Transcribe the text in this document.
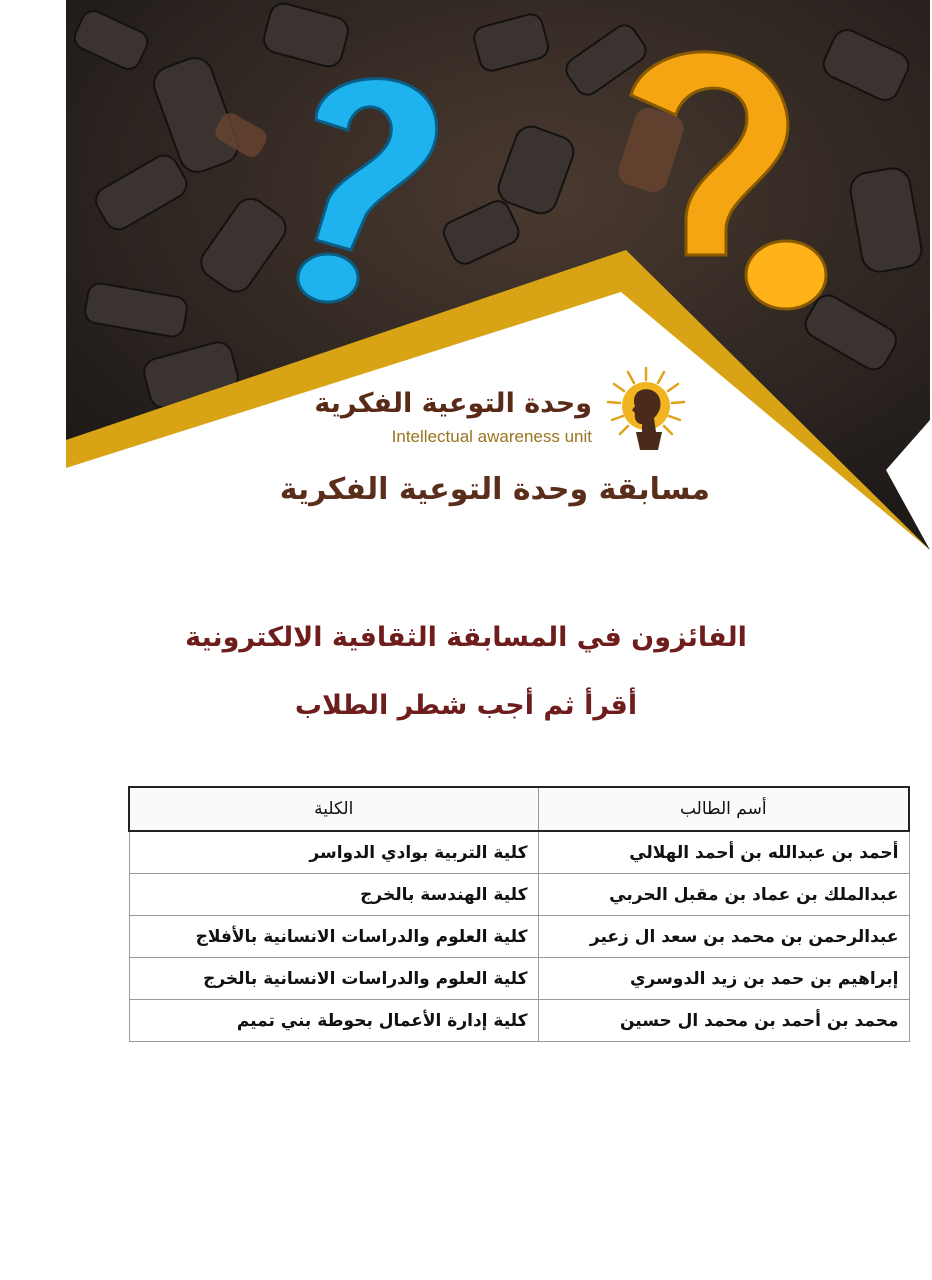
وحدة التوعية الفكرية
Intellectual awareness unit
مسابقة وحدة التوعية الفكرية
الفائزون في المسابقة الثقافية الالكترونية
أقرأ ثم أجب شطر الطلاب
أسم الطالب	الكلية
أحمد بن عبدالله بن أحمد الهلالي	كلية التربية بوادي الدواسر
عبدالملك بن عماد بن مقبل الحربي	كلية الهندسة بالخرج
عبدالرحمن بن محمد بن سعد ال زعير	كلية العلوم والدراسات الانسانية بالأفلاج
إبراهيم بن حمد بن زيد الدوسري	كلية العلوم والدراسات الانسانية بالخرج
محمد بن أحمد بن محمد ال حسين	كلية إدارة الأعمال بحوطة بني تميم
